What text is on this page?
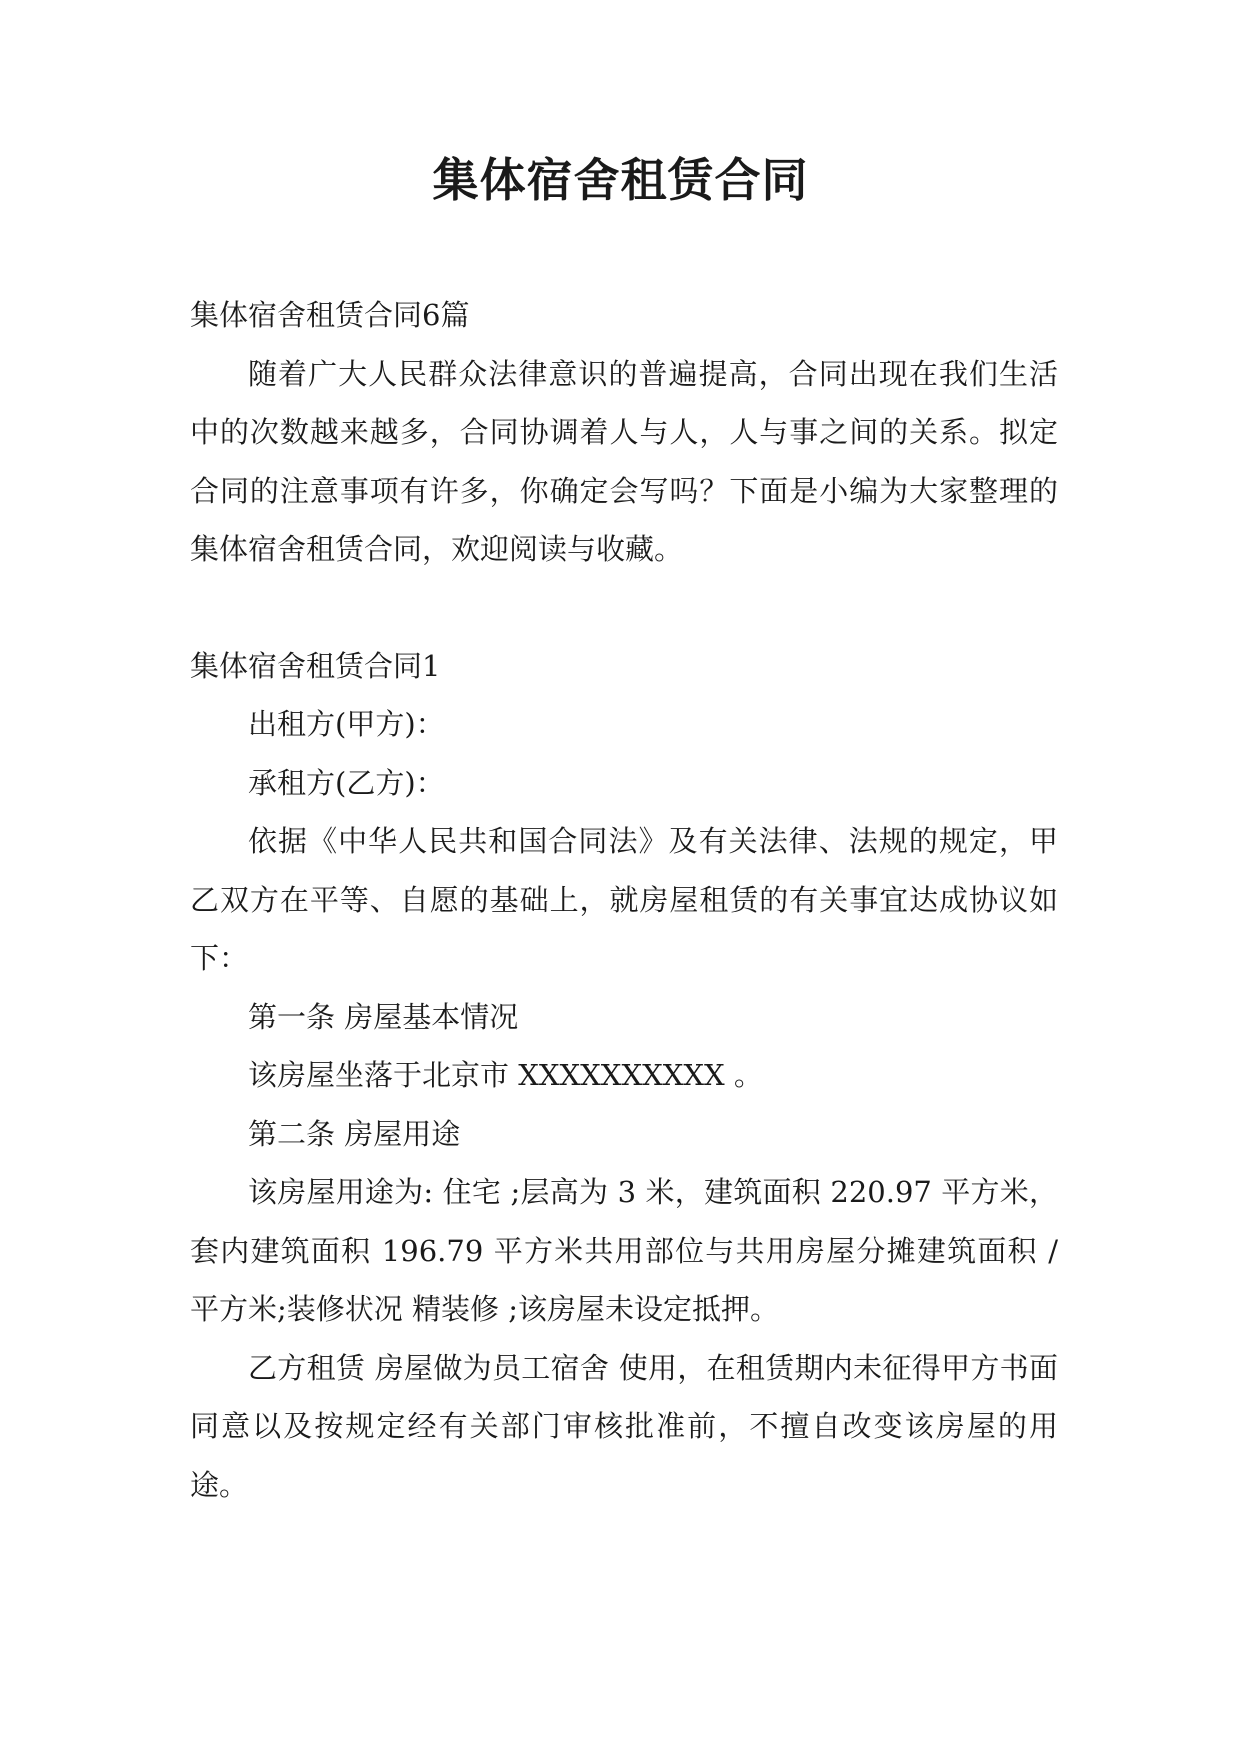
集体宿舍租赁合同

集体宿舍租赁合同6篇

随着广大人民群众法律意识的普遍提高，合同出现在我们生活中的次数越来越多，合同协调着人与人，人与事之间的关系。拟定合同的注意事项有许多，你确定会写吗？下面是小编为大家整理的集体宿舍租赁合同，欢迎阅读与收藏。

集体宿舍租赁合同1

出租方(甲方)：

承租方(乙方)：

依据《中华人民共和国合同法》及有关法律、法规的规定，甲乙双方在平等、自愿的基础上，就房屋租赁的有关事宜达成协议如下：

第一条 房屋基本情况

该房屋坐落于北京市 XXXXXXXXXX 。

第二条 房屋用途

该房屋用途为: 住宅 ;层高为 3 米，建筑面积 220.97 平方米，套内建筑面积 196.79 平方米共用部位与共用房屋分摊建筑面积 / 平方米;装修状况 精装修 ;该房屋未设定抵押。

乙方租赁 房屋做为员工宿舍 使用，在租赁期内未征得甲方书面同意以及按规定经有关部门审核批准前，不擅自改变该房屋的用途。
